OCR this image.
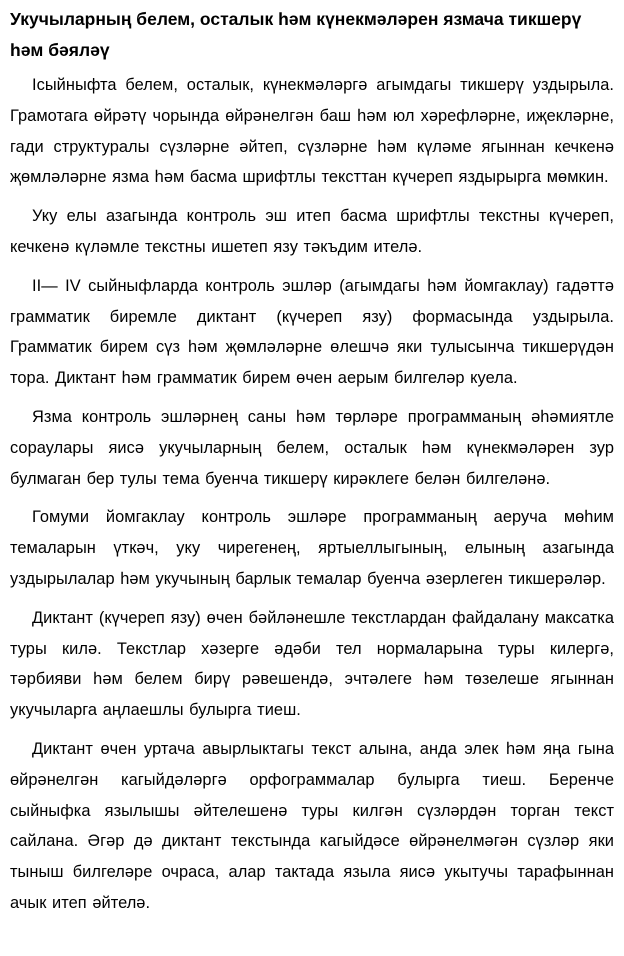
Укучыларның белем, осталык һәм күнекмәләрен язмача тикшерү һәм бәяләү

Iсыйныфта белем, осталык, күнекмәләргә агымдагы тикшерү уздырыла. Грамотага өйрәтү чорында өйрәнелгән баш һәм юл хәрефләрне, иҗекләрне, гади структуралы сүзләрне әйтеп, сүзләрне һәм күләме ягыннан кечкенә җөмләләрне язма һәм басма шрифтлы тексттан күчереп яздырырга мөмкин.

Уку елы азагында контроль эш итеп басма шрифтлы текстны күчереп, кечкенә күләмле текстны ишетеп язу тәкъдим ителә.

II— IV сыйныфларда контроль эшләр (агымдагы һәм йомгаклау) гадәттә грамматик биремле диктант (күчереп язу) формасында уздырыла. Грамматик бирем сүз һәм җөмләләрне өлешчә яки тулысынча тикшерүдән тора. Диктант һәм грамматик бирем өчен аерым билгеләр куела.

Язма контроль эшләрнең саны һәм төрләре программаның әһәмиятле сораулары яисә укучыларның белем, осталык һәм күнекмәләрен зур булмаган бер тулы тема буенча тикшерү кирәклеге белән билгеләнә.

Гомуми йомгаклау контроль эшләре программаның аеруча мөһим темаларын үткәч, уку чирегенең, яртыеллыгының, елының азагында уздырылалар һәм укучының барлык темалар буенча әзерлеген тикшерәләр.

Диктант (күчереп язу) өчен бәйләнешле текстлардан файдалану максатка туры килә. Текстлар хәзерге әдәби тел нормаларына туры килергә, тәрбияви һәм белем бирү рәвешендә, эчтәлеге һәм төзелеше ягыннан укучыларга аңлаешлы булырга тиеш.

Диктант өчен уртача авырлыктагы текст алына, анда элек һәм яңа гына өйрәнелгән кагыйдәләргә орфограммалар булырга тиеш. Беренче сыйныфка язылышы әйтелешенә туры килгән сүзләрдән торган текст сайлана. Әгәр дә диктант текстында кагыйдәсе өйрәнелмәгән сүзләр яки тыныш билгеләре очраса, алар тактада языла яисә укытучы тарафыннан ачык итеп әйтелә.
